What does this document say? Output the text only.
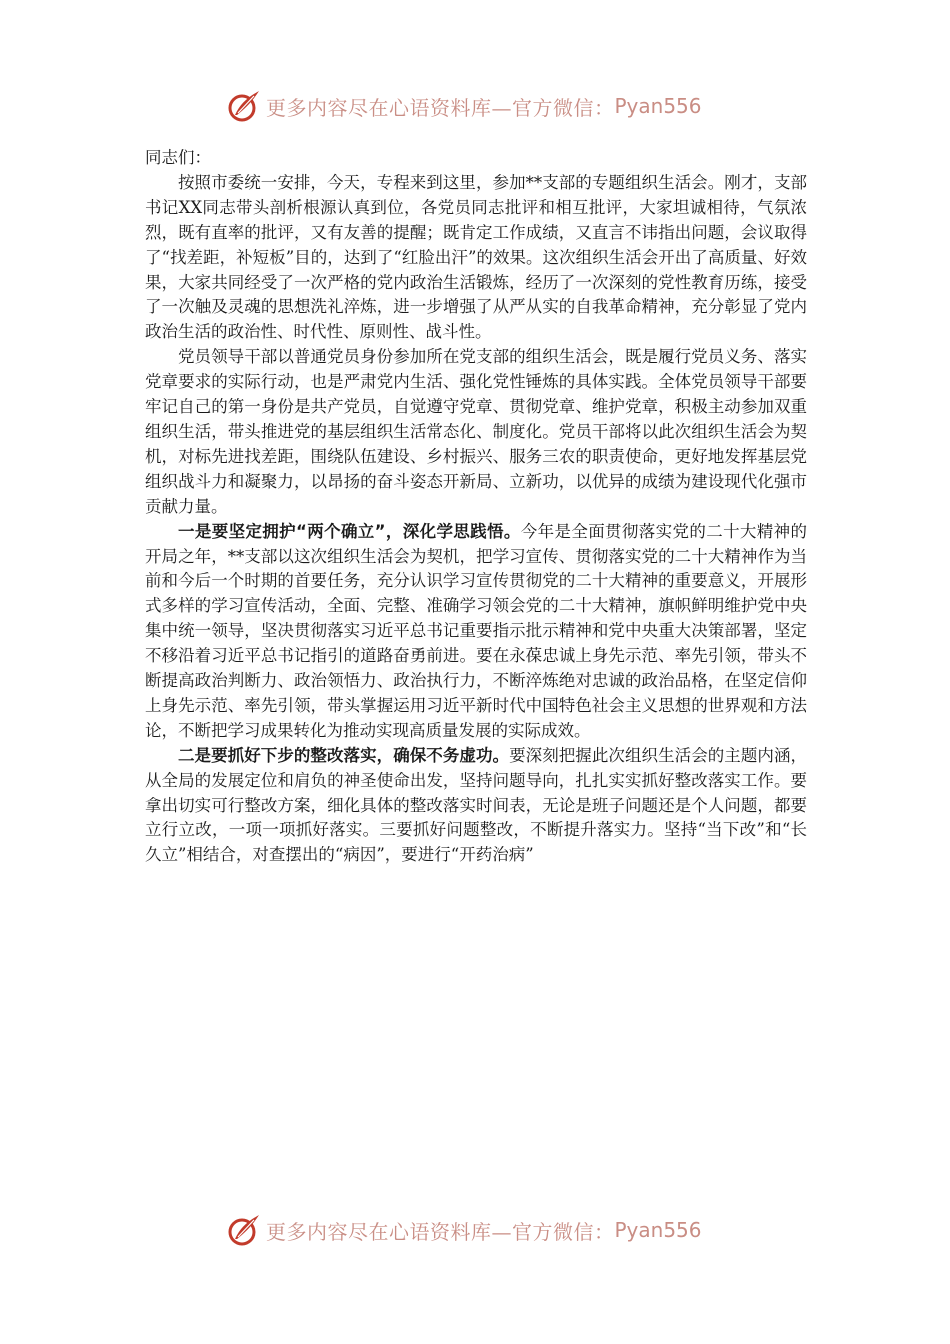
更多内容尽在心语资料库—官方微信： Pyan556

同志们：

按照市委统一安排，今天，专程来到这里，参加**支部的专题组织生活会。刚才，支部书记XX同志带头剖析根源认真到位，各党员同志批评和相互批评，大家坦诚相待，气氛浓烈，既有直率的批评，又有友善的提醒；既肯定工作成绩，又直言不讳指出问题，会议取得了“找差距，补短板”目的，达到了“红脸出汗”的效果。这次组织生活会开出了高质量、好效果，大家共同经受了一次严格的党内政治生活锻炼，经历了一次深刻的党性教育历练，接受了一次触及灵魂的思想洗礼淬炼，进一步增强了从严从实的自我革命精神，充分彰显了党内政治生活的政治性、时代性、原则性、战斗性。

党员领导干部以普通党员身份参加所在党支部的组织生活会，既是履行党员义务、落实党章要求的实际行动，也是严肃党内生活、强化党性锤炼的具体实践。全体党员领导干部要牢记自己的第一身份是共产党员，自觉遵守党章、贯彻党章、维护党章，积极主动参加双重组织生活，带头推进党的基层组织生活常态化、制度化。党员干部将以此次组织生活会为契机，对标先进找差距，围绕队伍建设、乡村振兴、服务三农的职责使命，更好地发挥基层党组织战斗力和凝聚力，以昂扬的奋斗姿态开新局、立新功，以优异的成绩为建设现代化强市贡献力量。

一是要坚定拥护“两个确立”，深化学思践悟。今年是全面贯彻落实党的二十大精神的开局之年，**支部以这次组织生活会为契机，把学习宣传、贯彻落实党的二十大精神作为当前和今后一个时期的首要任务，充分认识学习宣传贯彻党的二十大精神的重要意义，开展形式多样的学习宣传活动，全面、完整、准确学习领会党的二十大精神，旗帜鲜明维护党中央集中统一领导，坚决贯彻落实习近平总书记重要指示批示精神和党中央重大决策部署，坚定不移沿着习近平总书记指引的道路奋勇前进。要在永葆忠诚上身先示范、率先引领，带头不断提高政治判断力、政治领悟力、政治执行力，不断淬炼绝对忠诚的政治品格，在坚定信仰上身先示范、率先引领，带头掌握运用习近平新时代中国特色社会主义思想的世界观和方法论，不断把学习成果转化为推动实现高质量发展的实际成效。

二是要抓好下步的整改落实，确保不务虚功。要深刻把握此次组织生活会的主题内涵，从全局的发展定位和肩负的神圣使命出发，坚持问题导向，扎扎实实抓好整改落实工作。要拿出切实可行整改方案，细化具体的整改落实时间表，无论是班子问题还是个人问题，都要立行立改，一项一项抓好落实。三要抓好问题整改，不断提升落实力。坚持“当下改”和“长久立”相结合，对查摆出的“病因”，要进行“开药治病”

更多内容尽在心语资料库—官方微信： Pyan556
